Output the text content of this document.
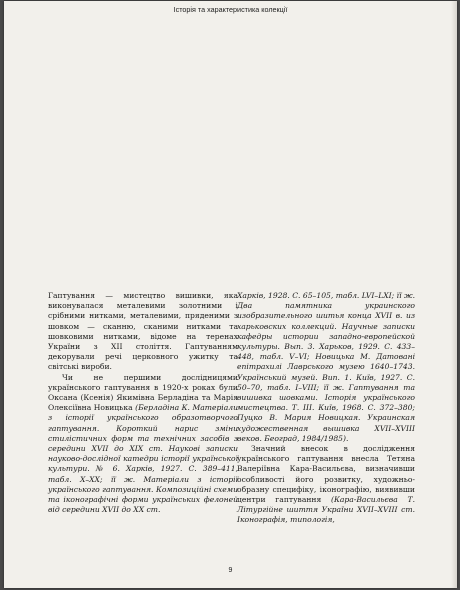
Історія та характеристика колекції

Гаптування — мистецтво вишивки, яка виконувалася металевими золотними і срібними нитками, металевими, пряденими з шовком — сканню, сканими нитками та шовковими нитками, відоме на теренах України з XII століття. Гаптуванням декорували речі церковного ужитку та світські вироби.

Чи не першими дослідницями українського гаптування в 1920-х роках були Оксана (Ксенія) Якимівна Берладіна та Марія Олексіївна Новицька (Берладіна К. Матеріали з історії українського образотворчого гаптування. Короткий нарис зміни стилістичних форм та технічних засобів з середини XVII до XIX ст. Наукові записки науково-дослідної катедри історії української культури. № 6. Харків, 1927. С. 389–411, табл. X–XX; її ж. Матеріали з історії українського гаптування. Композиційні схеми та іконографічні форми українських фелоней від середини XVII до XX ст.

Харків, 1928. С. 65–105, табл. LVI–LXI; її ж. Два памятника украинского изобразительного шитья конца XVII в. из харьковских коллекций. Научные записки кафедры истории западно-европейской культуры. Вып. 3. Харьков, 1929. С. 433–448, табл. V–VI; Новицька М. Датовані епітрахилі Лаврського музею 1640–1743. Український музей. Вип. 1. Київ, 1927. С. 50–70, табл. I–VIII; її ж. Гаптування та вишивка шовками. Історія українського мистецтва. Т. III. Київ, 1968. С. 372–380; Пуцко В. Мария Новицкая. Украинская художественная вышивка XVII–XVIII веков. Београд, 1984/1985).

Значний внесок в дослідження українського гаптування внесла Тетяна Валеріївна Кара-Васильєва, визначивши особливості його розвитку, художньо-образну специфіку, іконографію, виявивши центри гаптування (Кара-Васильєва Т. Літургійне шиття України XVII–XVIII ст. Іконографія, типологія,

9
